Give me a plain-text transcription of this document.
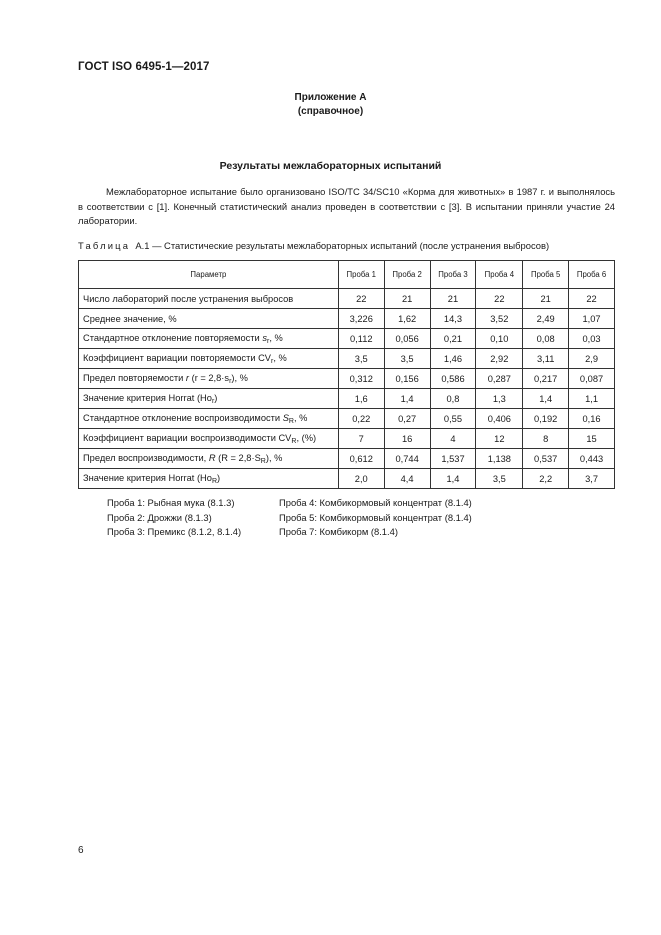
ГОСТ ISO 6495-1—2017
Приложение А
(справочное)
Результаты межлабораторных испытаний
Межлабораторное испытание было организовано ISO/TC 34/SC10 «Корма для животных» в 1987 г. и выполнялось в соответствии с [1]. Конечный статистический анализ проведен в соответствии с [3]. В испытании приняли участие 24 лаборатории.
Таблица А.1 — Статистические результаты межлабораторных испытаний (после устранения выбросов)
Параметр	Проба 1	Проба 2	Проба 3	Проба 4	Проба 5	Проба 6
Число лабораторий после устранения выбросов	22	21	21	22	21	22
Среднее значение, %	3,226	1,62	14,3	3,52	2,49	1,07
Стандартное отклонение повторяемости $s_r$, %	0,112	0,056	0,21	0,10	0,08	0,03
Коэффициент вариации повторяемости $CV_r$, %	3,5	3,5	1,46	2,92	3,11	2,9
Предел повторяемости r $(r = 2,8\cdot s_r)$, %	0,312	0,156	0,586	0,287	0,217	0,087
Значение критерия Horrat $(Ho_r)$	1,6	1,4	0,8	1,3	1,4	1,1
Стандартное отклонение воспроизводимости $S_R$, %	0,22	0,27	0,55	0,406	0,192	0,16
Коэффициент вариации воспроизводимости $CV_R$, (%)	7	16	4	12	8	15
Предел воспроизводимости, R $(R = 2,8\cdot S_R)$, %	0,612	0,744	1,537	1,138	0,537	0,443
Значение критерия Horrat $(Ho_R)$	2,0	4,4	1,4	3,5	2,2	3,7
Проба 1: Рыбная мука (8.1.3)
Проба 2: Дрожжи (8.1.3)
Проба 3: Премикс (8.1.2, 8.1.4)
Проба 4: Комбикормовый концентрат (8.1.4)
Проба 5: Комбикормовый концентрат (8.1.4)
Проба 7: Комбикорм (8.1.4)
6
